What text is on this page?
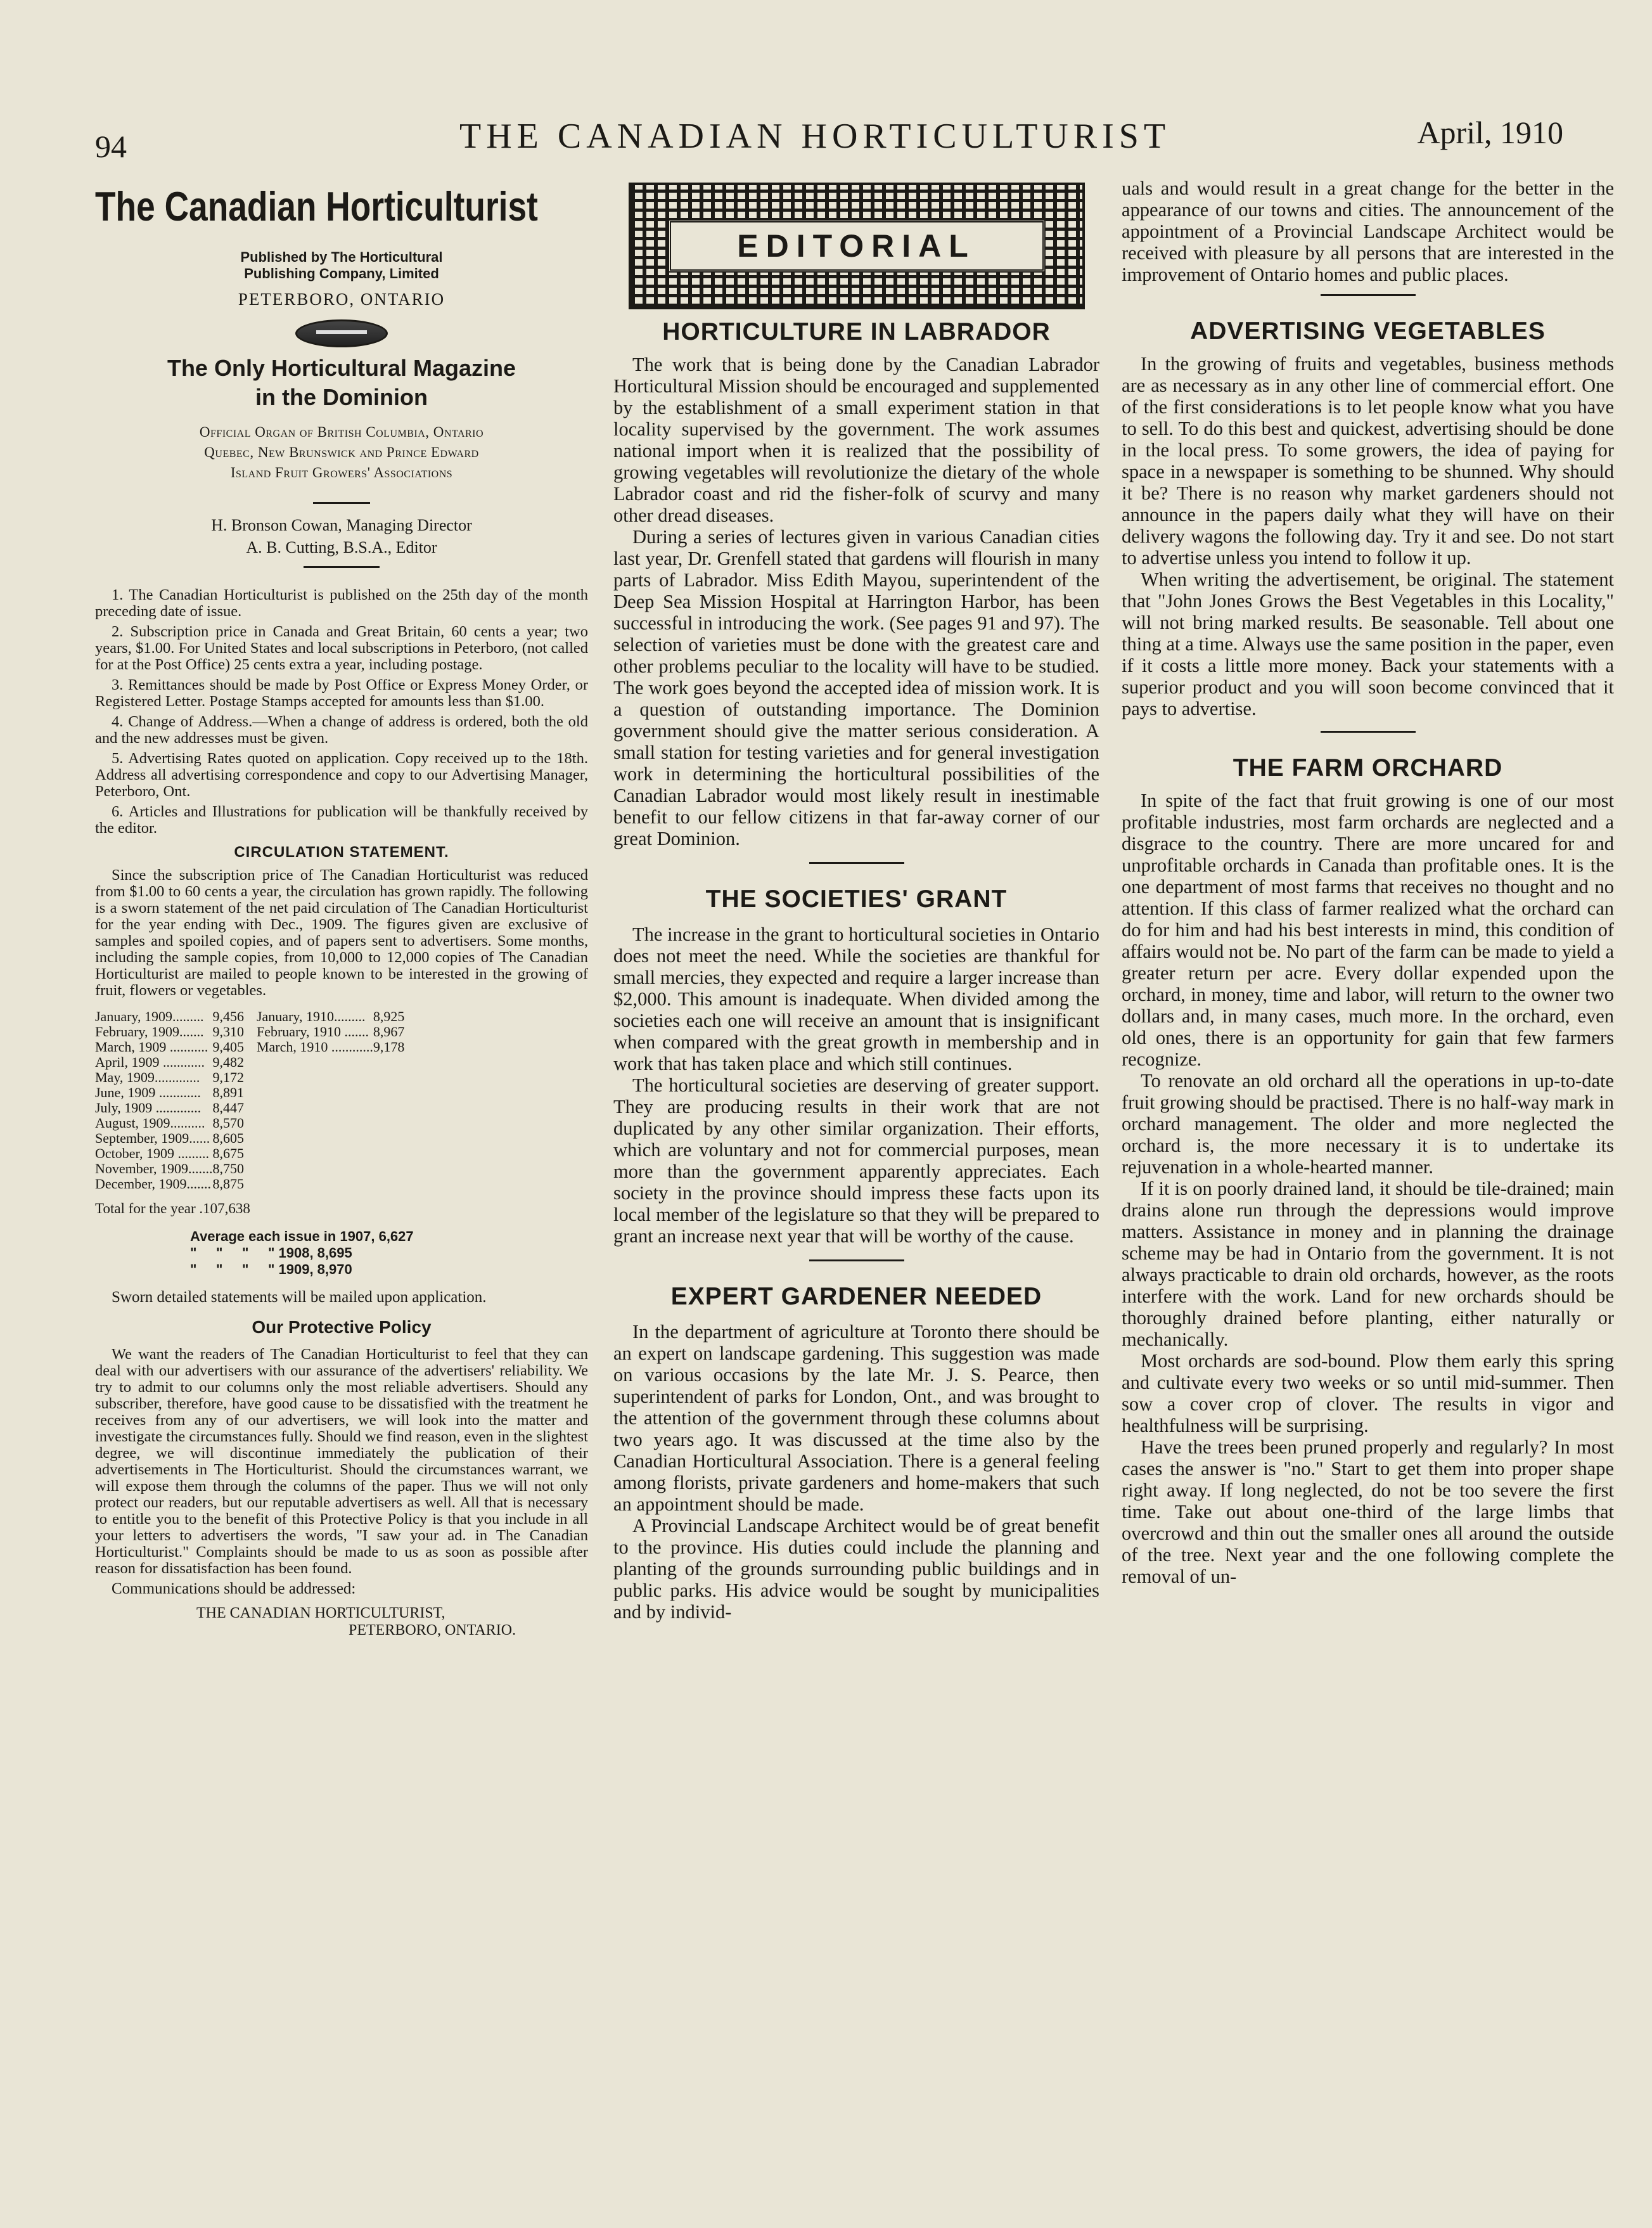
94	THE CANADIAN HORTICULTURIST	April, 1910
The Canadian Horticulturist
Published by The Horticultural
Publishing Company, Limited
PETERBORO, ONTARIO
The Only Horticultural Magazine
in the Dominion
Official Organ of British Columbia, Ontario
Quebec, New Brunswick and Prince Edward
Island Fruit Growers' Associations
H. Bronson Cowan, Managing Director
A. B. Cutting, B.S.A., Editor

1. The Canadian Horticulturist is published on the 25th day of the month preceding date of issue.

2. Subscription price in Canada and Great Britain, 60 cents a year; two years, $1.00. For United States and local subscriptions in Peterboro, (not called for at the Post Office) 25 cents extra a year, including postage.

3. Remittances should be made by Post Office or Express Money Order, or Registered Letter. Postage Stamps accepted for amounts less than $1.00.

4. Change of Address.—When a change of address is ordered, both the old and the new addresses must be given.

5. Advertising Rates quoted on application. Copy received up to the 18th. Address all advertising correspondence and copy to our Advertising Manager, Peterboro, Ont.

6. Articles and Illustrations for publication will be thankfully received by the editor.

CIRCULATION STATEMENT.

Since the subscription price of The Canadian Horticulturist was reduced from $1.00 to 60 cents a year, the circulation has grown rapidly. The following is a sworn statement of the net paid circulation of The Canadian Horticulturist for the year ending with Dec., 1909. The figures given are exclusive of samples and spoiled copies, and of papers sent to advertisers. Some months, including the sample copies, from 10,000 to 12,000 copies of The Canadian Horticulturist are mailed to people known to be interested in the growing of fruit, flowers or vegetables.

January, 1909.........	9,456
February, 1909.......	9,310
March, 1909 ...........	9,405
April, 1909 ............	9,482
May, 1909.............	9,172
June, 1909 ............	8,891
July, 1909 .............	8,447
August, 1909..........	8,570
September, 1909......	8,605
October, 1909 .........	8,675
November, 1909.......	8,750
December, 1909.......	8,875
January, 1910.........	8,925
February, 1910 .......	8,967
March, 1910 ............	9,178
Total for the year .107,638
Average each issue in 1907, 6,627
"     "     "     " 1908, 8,695
"     "     "     " 1909, 8,970

Sworn detailed statements will be mailed upon application.

Our Protective Policy

We want the readers of The Canadian Horticulturist to feel that they can deal with our advertisers with our assurance of the advertisers' reliability. We try to admit to our columns only the most reliable advertisers. Should any subscriber, therefore, have good cause to be dissatisfied with the treatment he receives from any of our advertisers, we will look into the matter and investigate the circumstances fully. Should we find reason, even in the slightest degree, we will discontinue immediately the publication of their advertisements in The Horticulturist. Should the circumstances warrant, we will expose them through the columns of the paper. Thus we will not only protect our readers, but our reputable advertisers as well. All that is necessary to entitle you to the benefit of this Protective Policy is that you include in all your letters to advertisers the words, "I saw your ad. in The Canadian Horticulturist." Complaints should be made to us as soon as possible after reason for dissatisfaction has been found.

Communications should be addressed:

THE CANADIAN HORTICULTURIST,
PETERBORO, ONTARIO.
EDITORIAL
HORTICULTURE IN LABRADOR

The work that is being done by the Canadian Labrador Horticultural Mission should be encouraged and supplemented by the establishment of a small experiment station in that locality supervised by the government. The work assumes national import when it is realized that the possibility of growing vegetables will revolutionize the dietary of the whole Labrador coast and rid the fisher-folk of scurvy and many other dread diseases.

During a series of lectures given in various Canadian cities last year, Dr. Grenfell stated that gardens will flourish in many parts of Labrador. Miss Edith Mayou, superintendent of the Deep Sea Mission Hospital at Harrington Harbor, has been successful in introducing the work. (See pages 91 and 97). The selection of varieties must be done with the greatest care and other problems peculiar to the locality will have to be studied. The work goes beyond the accepted idea of mission work. It is a question of outstanding importance. The Dominion government should give the matter serious consideration. A small station for testing varieties and for general investigation work in determining the horticultural possibilities of the Canadian Labrador would most likely result in inestimable benefit to our fellow citizens in that far-away corner of our great Dominion.

THE SOCIETIES' GRANT

The increase in the grant to horticultural societies in Ontario does not meet the need. While the societies are thankful for small mercies, they expected and require a larger increase than $2,000. This amount is inadequate. When divided among the societies each one will receive an amount that is insignificant when compared with the great growth in membership and in work that has taken place and which still continues.

The horticultural societies are deserving of greater support. They are producing results in their work that are not duplicated by any other similar organization. Their efforts, which are voluntary and not for commercial purposes, mean more than the government apparently appreciates. Each society in the province should impress these facts upon its local member of the legislature so that they will be prepared to grant an increase next year that will be worthy of the cause.

EXPERT GARDENER NEEDED

In the department of agriculture at Toronto there should be an expert on landscape gardening. This suggestion was made on various occasions by the late Mr. J. S. Pearce, then superintendent of parks for London, Ont., and was brought to the attention of the government through these columns about two years ago. It was discussed at the time also by the Canadian Horticultural Association. There is a general feeling among florists, private gardeners and home-makers that such an appointment should be made.

A Provincial Landscape Architect would be of great benefit to the province. His duties could include the planning and planting of the grounds surrounding public buildings and in public parks. His advice would be sought by municipalities and by individ-

uals and would result in a great change for the better in the appearance of our towns and cities. The announcement of the appointment of a Provincial Landscape Architect would be received with pleasure by all persons that are interested in the improvement of Ontario homes and public places.

ADVERTISING VEGETABLES

In the growing of fruits and vegetables, business methods are as necessary as in any other line of commercial effort. One of the first considerations is to let people know what you have to sell. To do this best and quickest, advertising should be done in the local press. To some growers, the idea of paying for space in a newspaper is something to be shunned. Why should it be? There is no reason why market gardeners should not announce in the papers daily what they will have on their delivery wagons the following day. Try it and see. Do not start to advertise unless you intend to follow it up.

When writing the advertisement, be original. The statement that "John Jones Grows the Best Vegetables in this Locality," will not bring marked results. Be seasonable. Tell about one thing at a time. Always use the same position in the paper, even if it costs a little more money. Back your statements with a superior product and you will soon become convinced that it pays to advertise.

THE FARM ORCHARD

In spite of the fact that fruit growing is one of our most profitable industries, most farm orchards are neglected and a disgrace to the country. There are more uncared for and unprofitable orchards in Canada than profitable ones. It is the one department of most farms that receives no thought and no attention. If this class of farmer realized what the orchard can do for him and had his best interests in mind, this condition of affairs would not be. No part of the farm can be made to yield a greater return per acre. Every dollar expended upon the orchard, in money, time and labor, will return to the owner two dollars and, in many cases, much more. In the orchard, even old ones, there is an opportunity for gain that few farmers recognize.

To renovate an old orchard all the operations in up-to-date fruit growing should be practised. There is no half-way mark in orchard management. The older and more neglected the orchard is, the more necessary it is to undertake its rejuvenation in a whole-hearted manner.

If it is on poorly drained land, it should be tile-drained; main drains alone run through the depressions would improve matters. Assistance in money and in planning the drainage scheme may be had in Ontario from the government. It is not always practicable to drain old orchards, however, as the roots interfere with the work. Land for new orchards should be thoroughly drained before planting, either naturally or mechanically.

Most orchards are sod-bound. Plow them early this spring and cultivate every two weeks or so until mid-summer. Then sow a cover crop of clover. The results in vigor and healthfulness will be surprising.

Have the trees been pruned properly and regularly? In most cases the answer is "no." Start to get them into proper shape right away. If long neglected, do not be too severe the first time. Take out about one-third of the large limbs that overcrowd and thin out the smaller ones all around the outside of the tree. Next year and the one following complete the removal of un-
